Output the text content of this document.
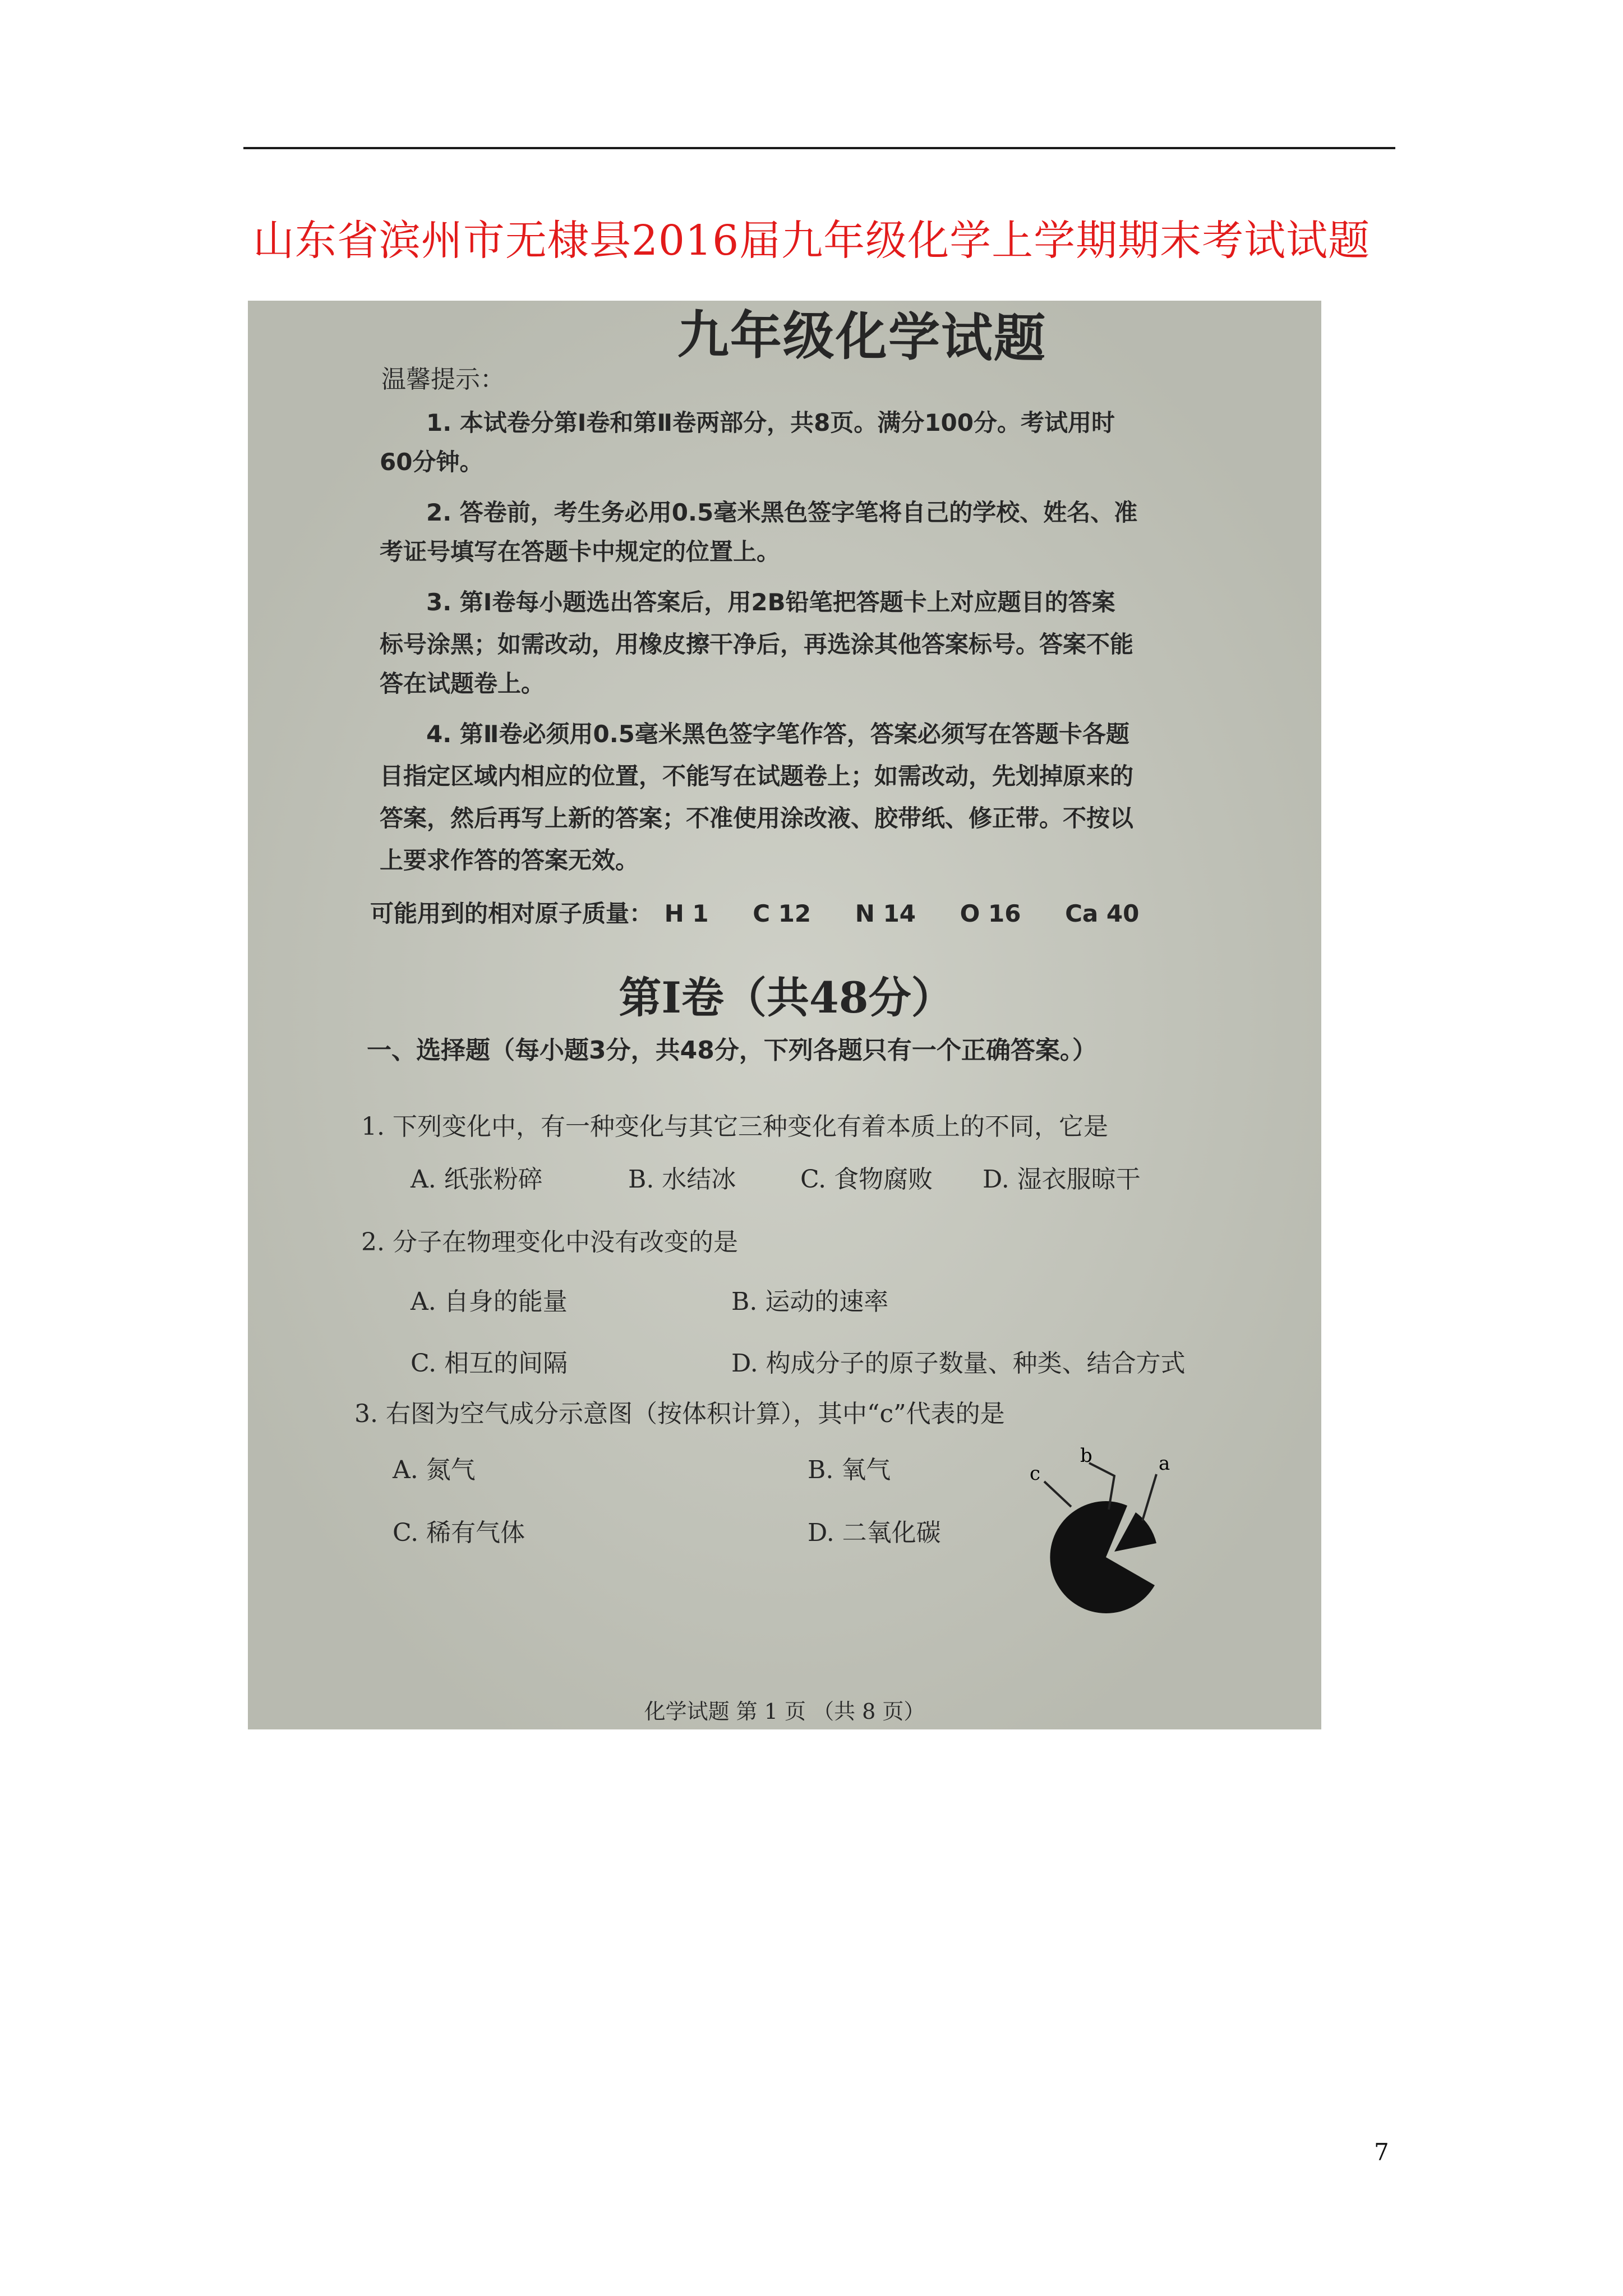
山东省滨州市无棣县2016届九年级化学上学期期末考试试题
九年级化学试题
温馨提示：
1. 本试卷分第Ⅰ卷和第Ⅱ卷两部分，共8页。满分100分。考试用时
60分钟。
2. 答卷前，考生务必用0.5毫米黑色签字笔将自己的学校、姓名、准
考证号填写在答题卡中规定的位置上。
3. 第Ⅰ卷每小题选出答案后，用2B铅笔把答题卡上对应题目的答案
标号涂黑；如需改动，用橡皮擦干净后，再选涂其他答案标号。答案不能
答在试题卷上。
4. 第Ⅱ卷必须用0.5毫米黑色签字笔作答，答案必须写在答题卡各题
目指定区域内相应的位置，不能写在试题卷上；如需改动，先划掉原来的
答案，然后再写上新的答案；不准使用涂改液、胶带纸、修正带。不按以
上要求作答的答案无效。
可能用到的相对原子质量： H 1 C 12 N 14 O 16 Ca 40
第Ⅰ卷（共48分）
一、选择题（每小题3分，共48分，下列各题只有一个正确答案。）
1. 下列变化中，有一种变化与其它三种变化有着本质上的不同，它是
A. 纸张粉碎	B. 水结冰	C. 食物腐败 D. 湿衣服晾干
2. 分子在物理变化中没有改变的是
A. 自身的能量	B. 运动的速率
C. 相互的间隔	D. 构成分子的原子数量、种类、结合方式
3. 右图为空气成分示意图（按体积计算），其中“c”代表的是
A. 氮气	B. 氧气
C. 稀有气体	D. 二氧化碳
a
b
c
化学试题 第 1 页 （共 8 页）
7
